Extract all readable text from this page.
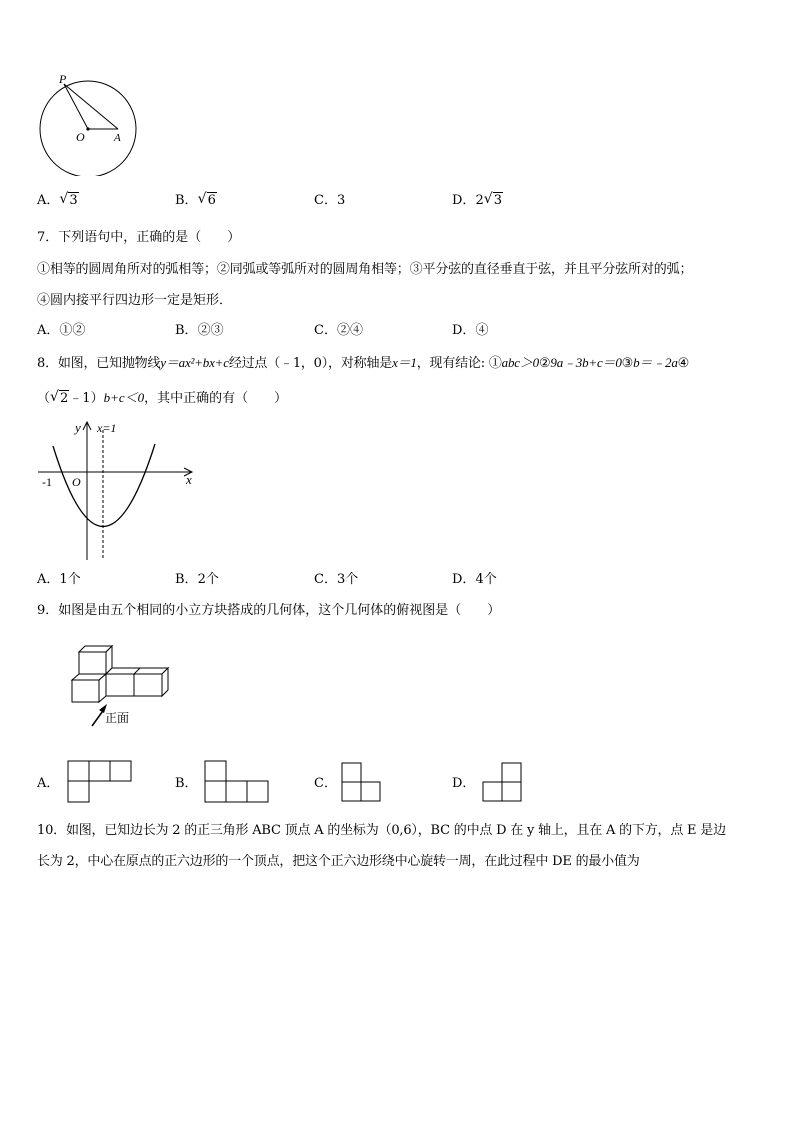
P
O	A
A． √ 3	B． √ 6	C．3	D．2 √ 3
7．下列语句中，正确的是（　　）
①相等的圆周角所对的弧相等；②同弧或等弧所对的圆周角相等；③平分弦的直径垂直于弦，并且平分弦所对的弧；
④圆内接平行四边形一定是矩形．
A．①②	B．②③	C．②④	D．④
8．如图，已知抛物线y＝ax²+bx+c经过点（﹣1，0），对称轴是x＝1，现有结论: ①abc＞0②9a﹣3b+c＝0③b＝﹣2a④
（ √ 2﹣1）b+c＜0，其中正确的有（　　）
y x=1
x
-1 O
A．1个	B．2个	C．3个	D．4个
9．如图是由五个相同的小立方块搭成的几何体，这个几何体的俯视图是（　　）
正面
A．	B．	C．	D．
10．如图，已知边长为 2 的正三角形 ABC 顶点 A 的坐标为（0,6），BC 的中点 D 在 y 轴上，且在 A 的下方，点 E 是边
长为 2，中心在原点的正六边形的一个顶点，把这个正六边形绕中心旋转一周，在此过程中 DE 的最小值为
